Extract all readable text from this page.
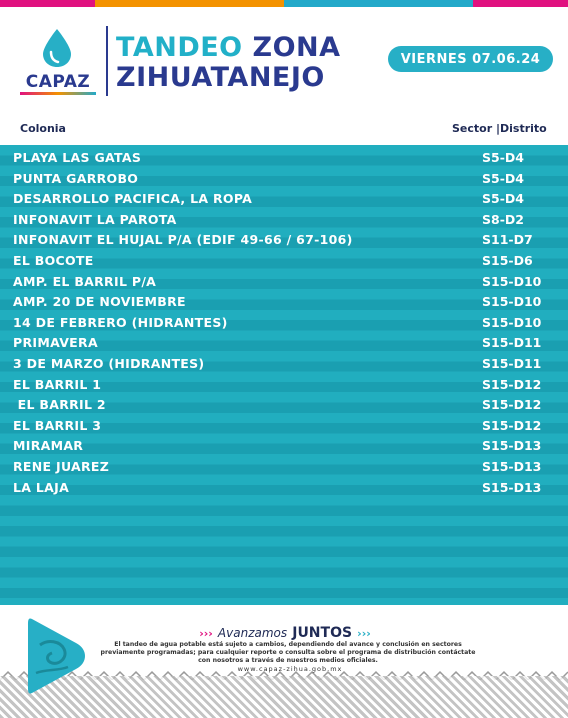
CAPAZ
TANDEO ZONA
ZIHUATANEJO
VIERNES 07.06.24
Colonia	Sector |Distrito
PLAYA LAS GATAS	S5-D4
PUNTA GARROBO	S5-D4
DESARROLLO PACIFICA, LA ROPA	S5-D4
INFONAVIT LA PAROTA	S8-D2
INFONAVIT EL HUJAL P/A (EDIF 49-66 / 67-106)	S11-D7
EL BOCOTE	S15-D6
AMP. EL BARRIL P/A	S15-D10
AMP. 20 DE NOVIEMBRE	S15-D10
14 DE FEBRERO (HIDRANTES)	S15-D10
PRIMAVERA	S15-D11
3 DE MARZO (HIDRANTES)	S15-D11
EL BARRIL 1	S15-D12
EL BARRIL 2	S15-D12
EL BARRIL 3	S15-D12
MIRAMAR	S15-D13
RENE JUAREZ	S15-D13
LA LAJA	S15-D13
››› Avanzamos JUNTOS ›››
El tandeo de agua potable está sujeto a cambios, dependiendo del avance y conclusión en sectores previamente programadas; para cualquier reporte o consulta sobre el programa de distribución contáctate con nosotros a través de nuestros medios oficiales.
www.capaz-zihua.gob.mx
